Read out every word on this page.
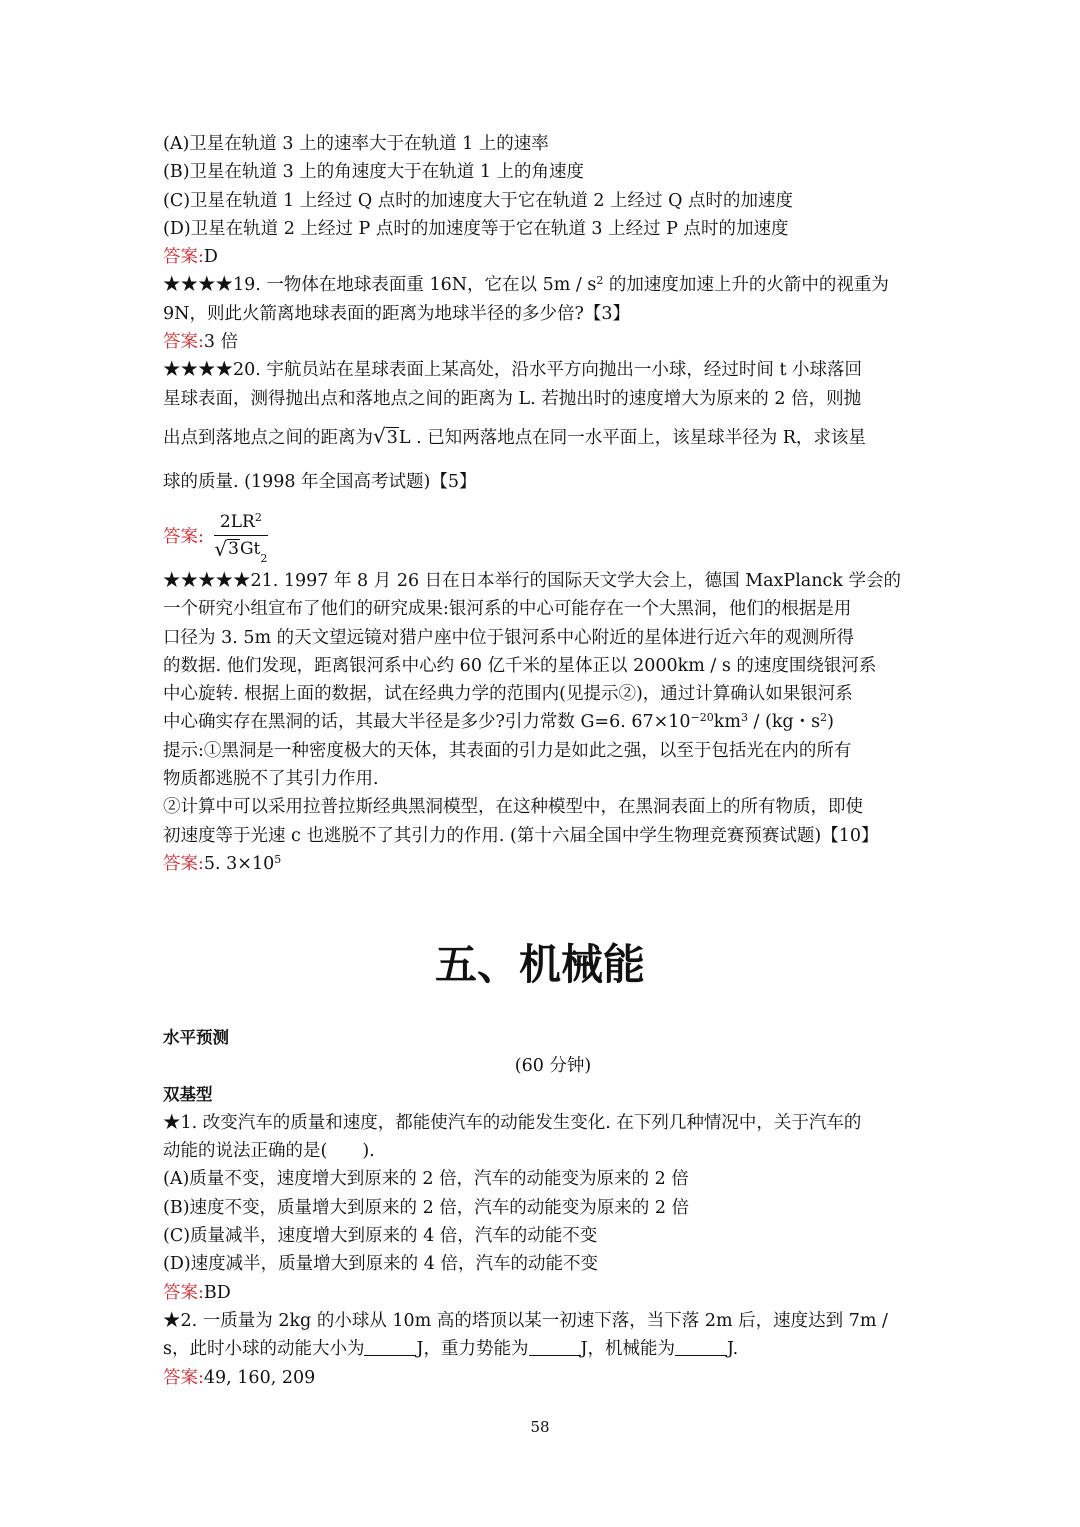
(A)卫星在轨道 3 上的速率大于在轨道 1 上的速率
(B)卫星在轨道 3 上的角速度大于在轨道 1 上的角速度
(C)卫星在轨道 1 上经过 Q 点时的加速度大于它在轨道 2 上经过 Q 点时的加速度
(D)卫星在轨道 2 上经过 P 点时的加速度等于它在轨道 3 上经过 P 点时的加速度
答案:D
★★★★19. 一物体在地球表面重 16N，它在以 $5m / s^2$ 的加速度加速上升的火箭中的视重为
9N，则此火箭离地球表面的距离为地球半径的多少倍?【3】
答案:3 倍
★★★★20. 宇航员站在星球表面上某高处，沿水平方向抛出一小球，经过时间 t 小球落回
星球表面，测得抛出点和落地点之间的距离为 L. 若抛出时的速度增大为原来的 2 倍，则抛
出点到落地点之间的距离为√3L . 已知两落地点在同一水平面上，该星球半径为 R，求该星
球的质量. (1998 年全国高考试题)【5】
答案: $\frac{2LR^2}{√ 3 Gt 2}$
★★★★★21. 1997 年 8 月 26 日在日本举行的国际天文学大会上，德国 MaxPlanck 学会的
一个研究小组宣布了他们的研究成果:银河系的中心可能存在一个大黑洞，他们的根据是用
口径为 3. 5m 的天文望远镜对猎户座中位于银河系中心附近的星体进行近六年的观测所得
的数据. 他们发现，距离银河系中心约 60 亿千米的星体正以 2000km / s 的速度围绕银河系
中心旋转. 根据上面的数据，试在经典力学的范围内(见提示②)，通过计算确认如果银河系
中心确实存在黑洞的话，其最大半径是多少?引力常数 G=6. $67\times 10^{-20}km^3 / (kg$・$s^2$)
提示:①黑洞是一种密度极大的天体，其表面的引力是如此之强，以至于包括光在内的所有
物质都逃脱不了其引力作用.
②计算中可以采用拉普拉斯经典黑洞模型，在这种模型中，在黑洞表面上的所有物质，即使
初速度等于光速 c 也逃脱不了其引力的作用. (第十六届全国中学生物理竞赛预赛试题)【10】
答案:5. $3\times 10^5$
五、机械能
水平预测
(60 分钟)
双基型
★1. 改变汽车的质量和速度，都能使汽车的动能发生变化. 在下列几种情况中，关于汽车的
动能的说法正确的是(　　).
(A)质量不变，速度增大到原来的 2 倍，汽车的动能变为原来的 2 倍
(B)速度不变，质量增大到原来的 2 倍，汽车的动能变为原来的 2 倍
(C)质量减半，速度增大到原来的 4 倍，汽车的动能不变
(D)速度减半，质量增大到原来的 4 倍，汽车的动能不变
答案:BD
★2. 一质量为 2kg 的小球从 10m 高的塔顶以某一初速下落，当下落 2m 后，速度达到 7m /
s，此时小球的动能大小为	J，重力势能为	J，机械能为	J.
答案:49, 160, 209
58
